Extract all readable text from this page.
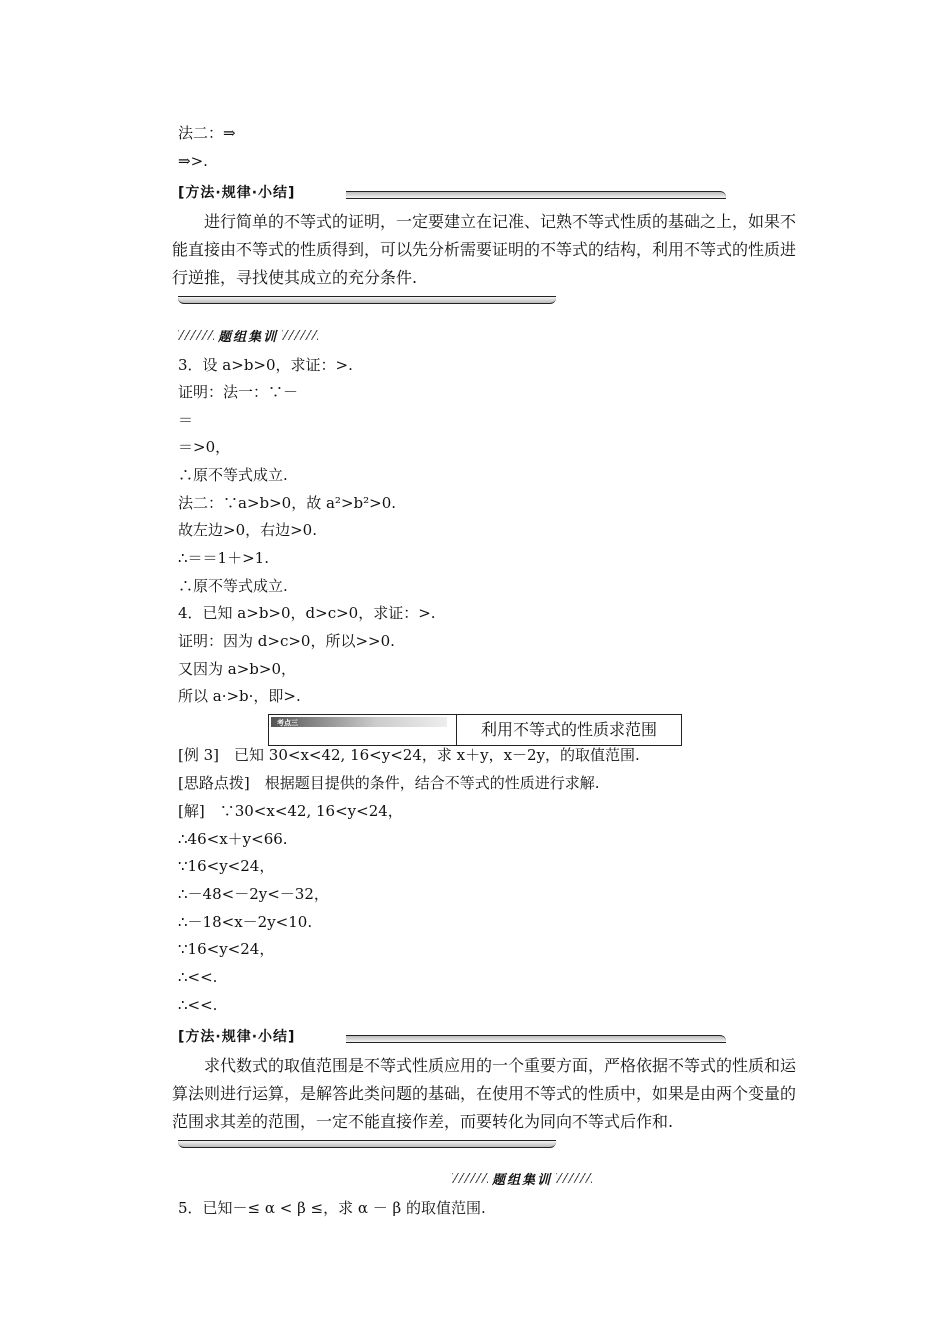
法二：⇒
⇒>.
[方法·规律·小结]
进行简单的不等式的证明，一定要建立在记准、记熟不等式性质的基础之上，如果不能直接由不等式的性质得到，可以先分析需要证明的不等式的结构，利用不等式的性质进行逆推，寻找使其成立的充分条件.
题组集训
3．设 a>b>0，求证：>.
证明：法一：∵－
＝
＝>0，
∴原不等式成立.
法二：∵a>b>0，故 a²>b²>0.
故左边>0，右边>0.
∴＝＝1＋>1.
∴原不等式成立.
4．已知 a>b>0，d>c>0，求证：>.
证明：因为 d>c>0，所以>>0.
又因为 a>b>0，
所以 a·>b·，即>.
考点三	利用不等式的性质求范围
[例 3]　已知 30<x<42, 16<y<24，求 x＋y，x－2y，的取值范围.
[思路点拨]　根据题目提供的条件，结合不等式的性质进行求解.
[解]　∵30<x<42, 16<y<24，
∴46<x＋y<66.
∵16<y<24，
∴－48<－2y<－32，
∴－18<x－2y<10.
∵16<y<24，
∴<<.
∴<<.
[方法·规律·小结]
求代数式的取值范围是不等式性质应用的一个重要方面，严格依据不等式的性质和运算法则进行运算，是解答此类问题的基础，在使用不等式的性质中，如果是由两个变量的范围求其差的范围，一定不能直接作差，而要转化为同向不等式后作和.
题组集训
5．已知－≤ α < β ≤，求 α － β 的取值范围.
